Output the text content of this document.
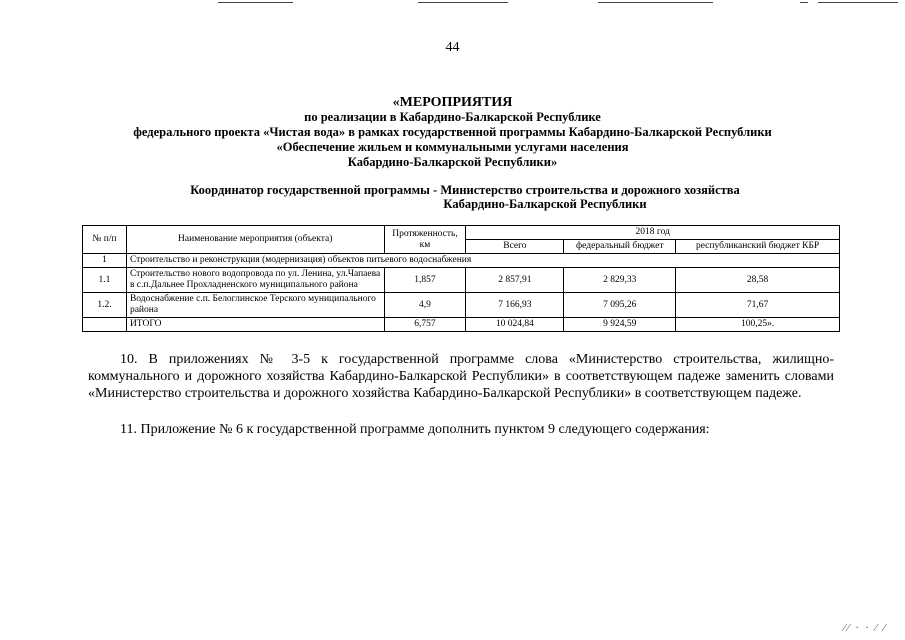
44
«МЕРОПРИЯТИЯ
по реализации в Кабардино-Балкарской Республике
федерального проекта «Чистая вода» в рамках государственной программы Кабардино-Балкарской Республики
«Обеспечение жильем и коммунальными услугами населения
Кабардино-Балкарской Республики»
Координатор государственной программы - Министерство строительства и дорожного хозяйства
Кабардино-Балкарской Республики
№ п/п	Наименование мероприятия (объекта)	Протяженность, км	2018 год		
			Всего	федеральный бюджет	республиканский бюджет КБР
1	Строительство и реконструкция (модернизация) объектов питьевого водоснабжения				
1.1	Строительство нового водопровода по ул. Ленина, ул.Чапаева в с.п.Дальнее Прохладненского муниципального района	1,857	2 857,91	2 829,33	28,58
1.2.	Водоснабжение с.п. Белоглинское Терского муниципального района	4,9	7 166,93	7 095,26	71,67
	ИТОГО	6,757	10 024,84	9 924,59	100,25».

10. В приложениях № 3-5 к государственной программе слова «Министерство строительства, жилищно-коммунального и дорожного хозяйства Кабардино-Балкарской Республики» в соответствующем падеже заменить словами «Министерство строительства и дорожного хозяйства Кабардино-Балкарской Республики» в соответствующем падеже.

11. Приложение № 6 к государственной программе дополнить пунктом 9 следующего содержания:

⁄⁄ · · ⁄ ⁄
